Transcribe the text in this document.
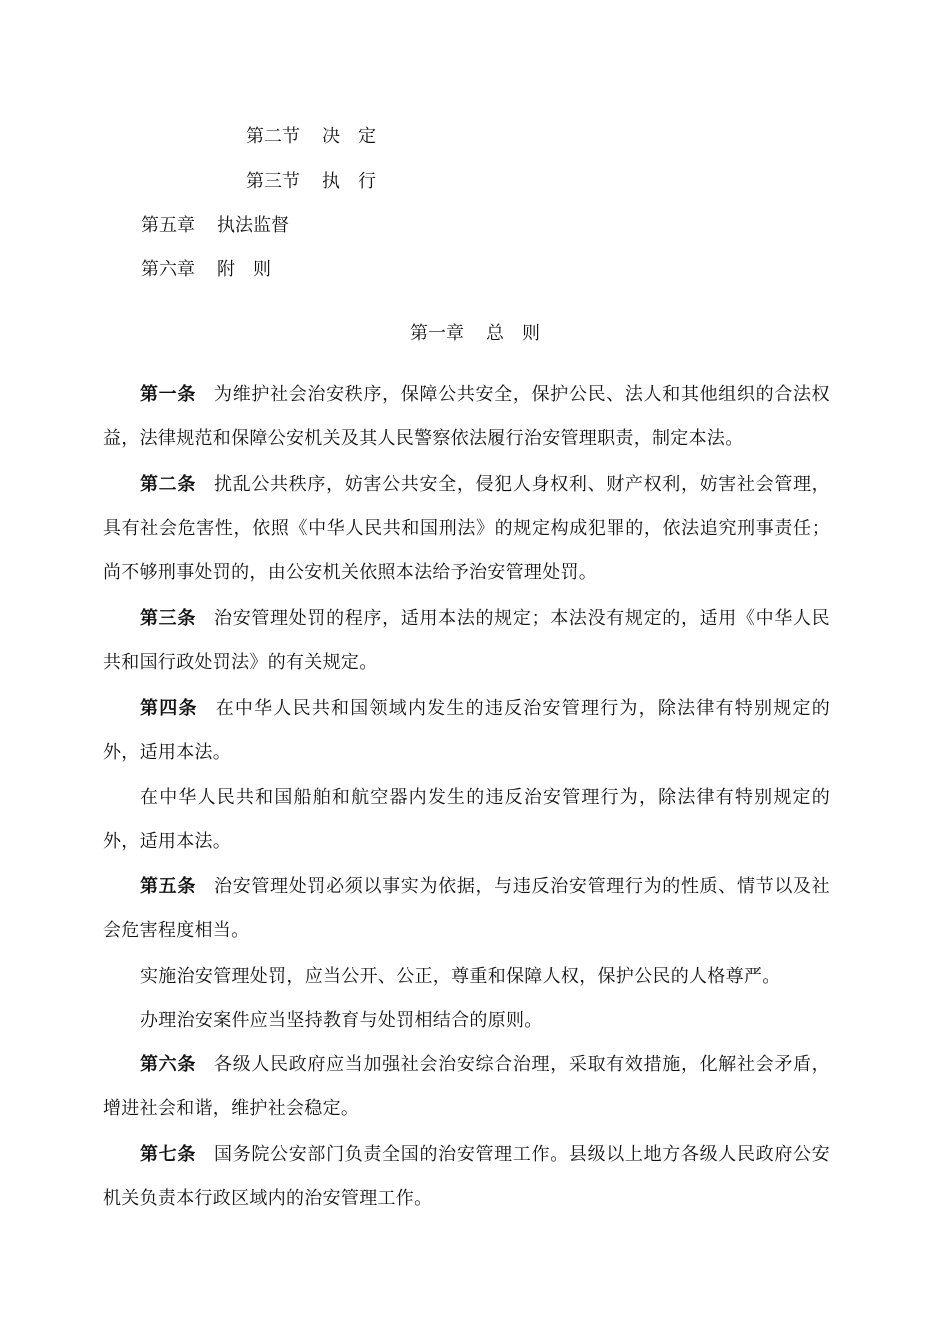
第二节 决　定
第三节 执　行
第五章 执法监督
第六章 附　则
第一章 总　则

第一条 为维护社会治安秩序，保障公共安全，保护公民、法人和其他组织的合法权益，法律规范和保障公安机关及其人民警察依法履行治安管理职责，制定本法。

第二条 扰乱公共秩序，妨害公共安全，侵犯人身权利、财产权利，妨害社会管理，具有社会危害性，依照《中华人民共和国刑法》的规定构成犯罪的，依法追究刑事责任；尚不够刑事处罚的，由公安机关依照本法给予治安管理处罚。

第三条 治安管理处罚的程序，适用本法的规定；本法没有规定的，适用《中华人民共和国行政处罚法》的有关规定。

第四条 在中华人民共和国领域内发生的违反治安管理行为，除法律有特别规定的外，适用本法。

在中华人民共和国船舶和航空器内发生的违反治安管理行为，除法律有特别规定的外，适用本法。

第五条 治安管理处罚必须以事实为依据，与违反治安管理行为的性质、情节以及社会危害程度相当。

实施治安管理处罚，应当公开、公正，尊重和保障人权，保护公民的人格尊严。

办理治安案件应当坚持教育与处罚相结合的原则。

第六条 各级人民政府应当加强社会治安综合治理，采取有效措施，化解社会矛盾，增进社会和谐，维护社会稳定。

第七条 国务院公安部门负责全国的治安管理工作。县级以上地方各级人民政府公安机关负责本行政区域内的治安管理工作。
